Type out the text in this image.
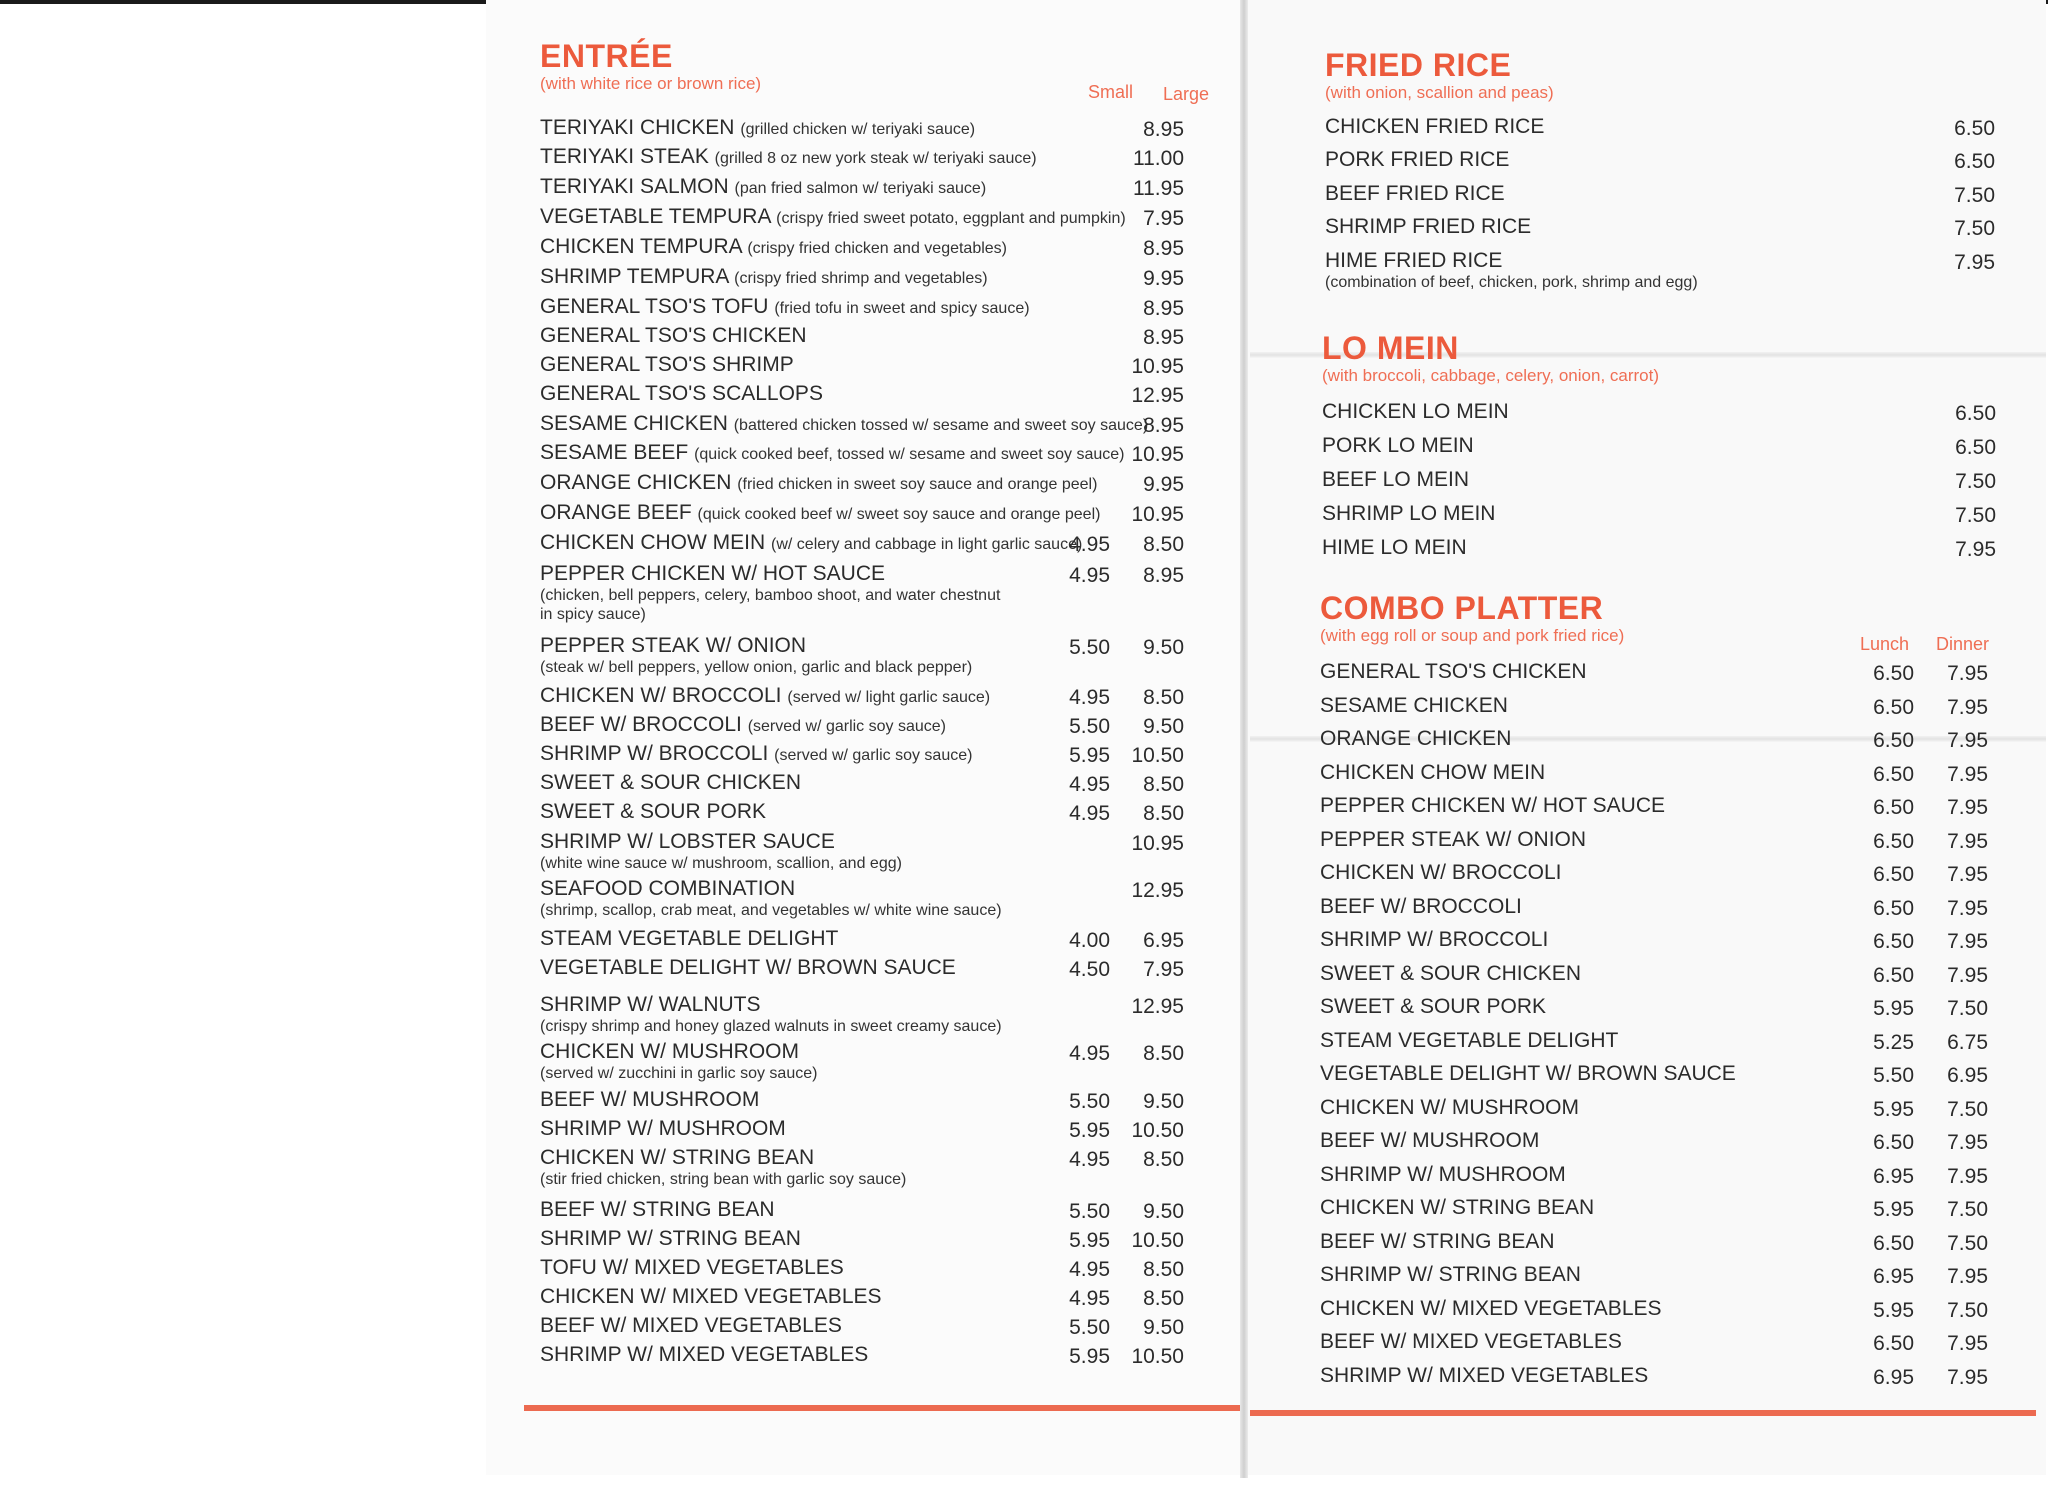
ENTRÉE
(with white rice or brown rice)	Small Large
TERIYAKI CHICKEN (grilled chicken w/ teriyaki sauce)	8.95
TERIYAKI STEAK (grilled 8 oz new york steak w/ teriyaki sauce)	11.00
TERIYAKI SALMON (pan fried salmon w/ teriyaki sauce)	11.95
VEGETABLE TEMPURA (crispy fried sweet potato, eggplant and pumpkin) 7.95
CHICKEN TEMPURA (crispy fried chicken and vegetables)	8.95
SHRIMP TEMPURA (crispy fried shrimp and vegetables)	9.95
GENERAL TSO'S TOFU (fried tofu in sweet and spicy sauce)	8.95
GENERAL TSO'S CHICKEN	8.95
GENERAL TSO'S SHRIMP	10.95
GENERAL TSO'S SCALLOPS	12.95
SESAME CHICKEN (battered chicken tossed w/ sesame and sweet soy sauce)
8.95
SESAME BEEF (quick cooked beef, tossed w/ sesame and sweet soy sauce) 10.95
ORANGE CHICKEN (fried chicken in sweet soy sauce and orange peel)	9.95
ORANGE BEEF (quick cooked beef w/ sweet soy sauce and orange peel)	10.95
CHICKEN CHOW MEIN (w/ celery and cabbage in light garlic sauce)
4.95	8.50
PEPPER CHICKEN W/ HOT SAUCE
(chicken, bell peppers, celery, bamboo shoot, and water chestnut
in spicy sauce)
4.95	8.95
PEPPER STEAK W/ ONION
(steak w/ bell peppers, yellow onion, garlic and black pepper)
5.50	9.50
CHICKEN W/ BROCCOLI (served w/ light garlic sauce)	4.95	8.50
BEEF W/ BROCCOLI (served w/ garlic soy sauce)	5.50	9.50
SHRIMP W/ BROCCOLI (served w/ garlic soy sauce)	5.95	10.50
SWEET & SOUR CHICKEN	4.95	8.50
SWEET & SOUR PORK	4.95	8.50
SHRIMP W/ LOBSTER SAUCE
(white wine sauce w/ mushroom, scallion, and egg)
10.95
SEAFOOD COMBINATION
(shrimp, scallop, crab meat, and vegetables w/ white wine sauce)
12.95
STEAM VEGETABLE DELIGHT	4.00	6.95
VEGETABLE DELIGHT W/ BROWN SAUCE	4.50	7.95
SHRIMP W/ WALNUTS
(crispy shrimp and honey glazed walnuts in sweet creamy sauce)
12.95
CHICKEN W/ MUSHROOM
(served w/ zucchini in garlic soy sauce)
4.95	8.50
BEEF W/ MUSHROOM	5.50	9.50
SHRIMP W/ MUSHROOM	5.95	10.50
CHICKEN W/ STRING BEAN
(stir fried chicken, string bean with garlic soy sauce)
4.95	8.50
BEEF W/ STRING BEAN	5.50	9.50
SHRIMP W/ STRING BEAN	5.95	10.50
TOFU W/ MIXED VEGETABLES	4.95	8.50
CHICKEN W/ MIXED VEGETABLES	4.95	8.50
BEEF W/ MIXED VEGETABLES	5.50	9.50
SHRIMP W/ MIXED VEGETABLES	5.95	10.50
FRIED RICE
(with onion, scallion and peas)
CHICKEN FRIED RICE	6.50
PORK FRIED RICE	6.50
BEEF FRIED RICE	7.50
SHRIMP FRIED RICE	7.50
HIME FRIED RICE
(combination of beef, chicken, pork, shrimp and egg)
7.95
LO MEIN
(with broccoli, cabbage, celery, onion, carrot)
CHICKEN LO MEIN	6.50
PORK LO MEIN	6.50
BEEF LO MEIN	7.50
SHRIMP LO MEIN	7.50
HIME LO MEIN	7.95
COMBO PLATTER
(with egg roll or soup and pork fried rice)	Lunch Dinner
GENERAL TSO'S CHICKEN	6.50	7.95
SESAME CHICKEN	6.50	7.95
ORANGE CHICKEN	6.50	7.95
CHICKEN CHOW MEIN	6.50	7.95
PEPPER CHICKEN W/ HOT SAUCE	6.50	7.95
PEPPER STEAK W/ ONION	6.50	7.95
CHICKEN W/ BROCCOLI	6.50	7.95
BEEF W/ BROCCOLI	6.50	7.95
SHRIMP W/ BROCCOLI	6.50	7.95
SWEET & SOUR CHICKEN	6.50	7.95
SWEET & SOUR PORK	5.95	7.50
STEAM VEGETABLE DELIGHT	5.25	6.75
VEGETABLE DELIGHT W/ BROWN SAUCE	5.50	6.95
CHICKEN W/ MUSHROOM	5.95	7.50
BEEF W/ MUSHROOM	6.50	7.95
SHRIMP W/ MUSHROOM	6.95	7.95
CHICKEN W/ STRING BEAN	5.95	7.50
BEEF W/ STRING BEAN	6.50	7.50
SHRIMP W/ STRING BEAN	6.95	7.95
CHICKEN W/ MIXED VEGETABLES	5.95	7.50
BEEF W/ MIXED VEGETABLES	6.50	7.95
SHRIMP W/ MIXED VEGETABLES	6.95	7.95
